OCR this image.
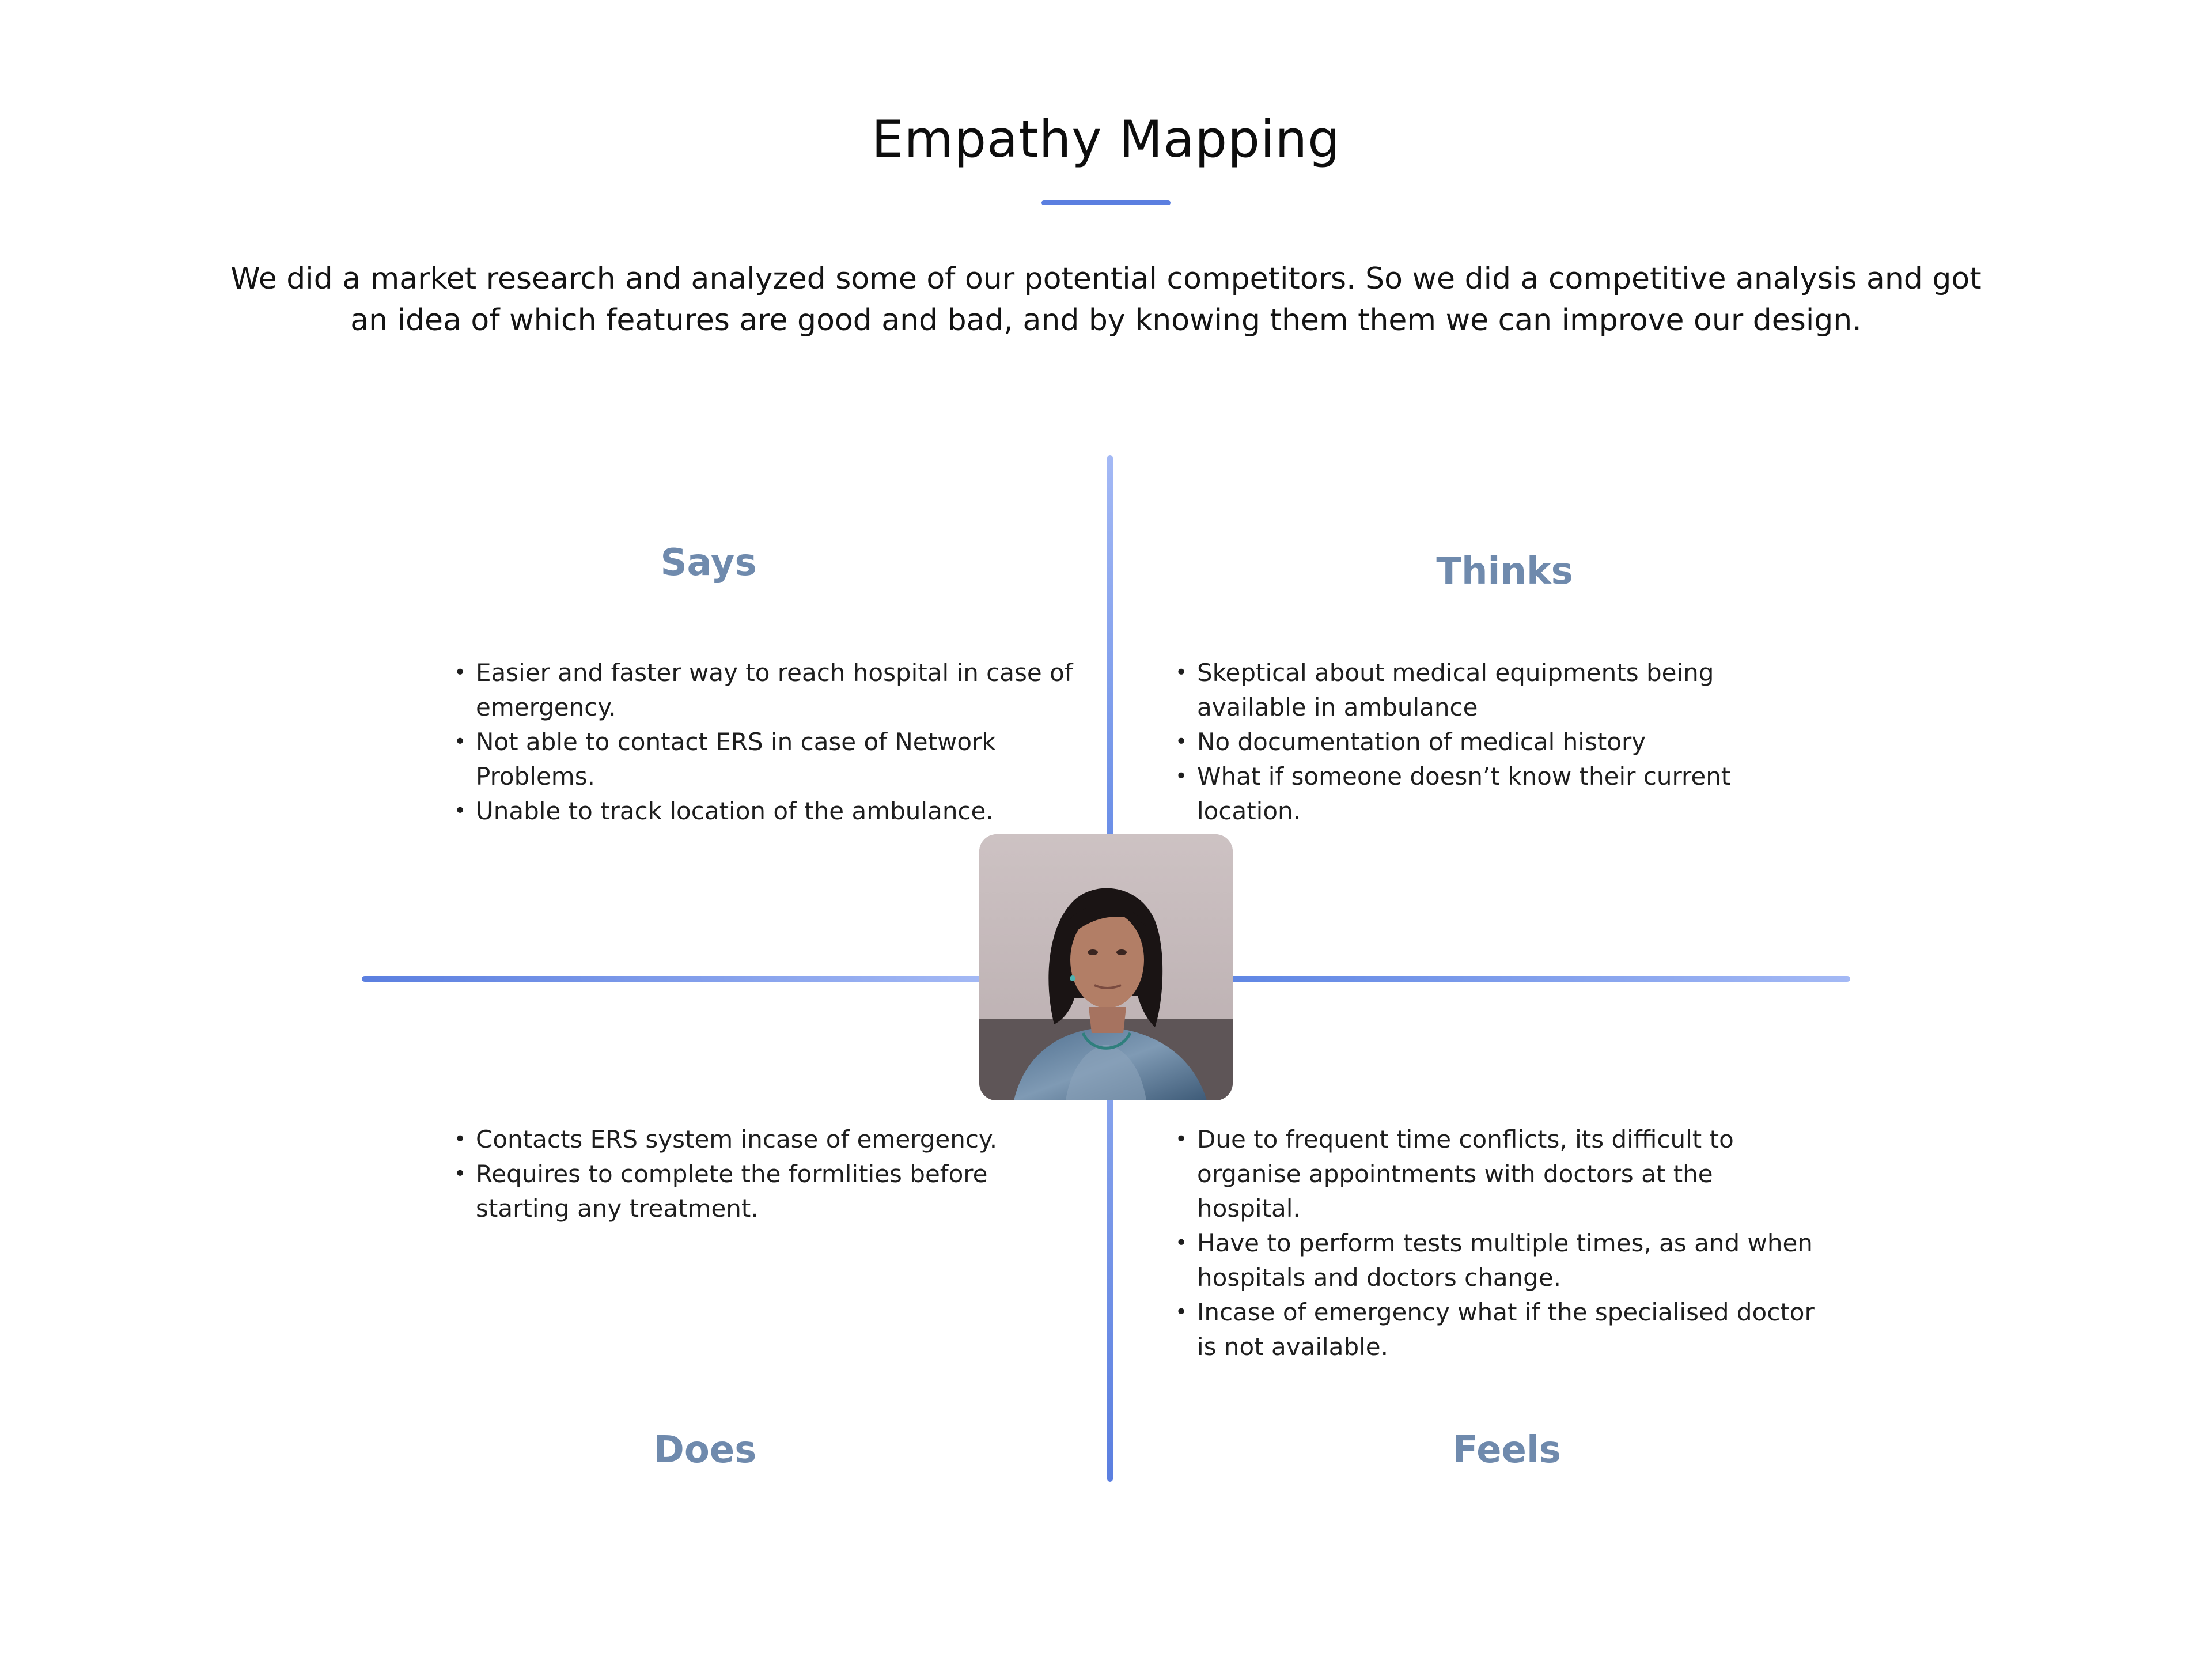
Empathy Mapping
We did a market research and analyzed some of our potential competitors. So we did a competitive analysis and got an idea of which features are good and bad, and by knowing them them we can improve our design.
Says	Thinks
Does	Feels
• Easier and faster way to reach hospital in case of emergency.
• Not able to contact ERS in case of Network Problems.
• Unable to track location of the ambulance.
• Skeptical about medical equipments being available in ambulance
• No documentation of medical history
• What if someone doesn’t know their current location.
• Contacts ERS system incase of emergency.
• Requires to complete the formlities before starting any treatment.
• Due to frequent time conflicts, its difficult to organise appointments with doctors at the hospital.
• Have to perform tests multiple times, as and when hospitals and doctors change.
• Incase of emergency what if the specialised doctor is not available.
